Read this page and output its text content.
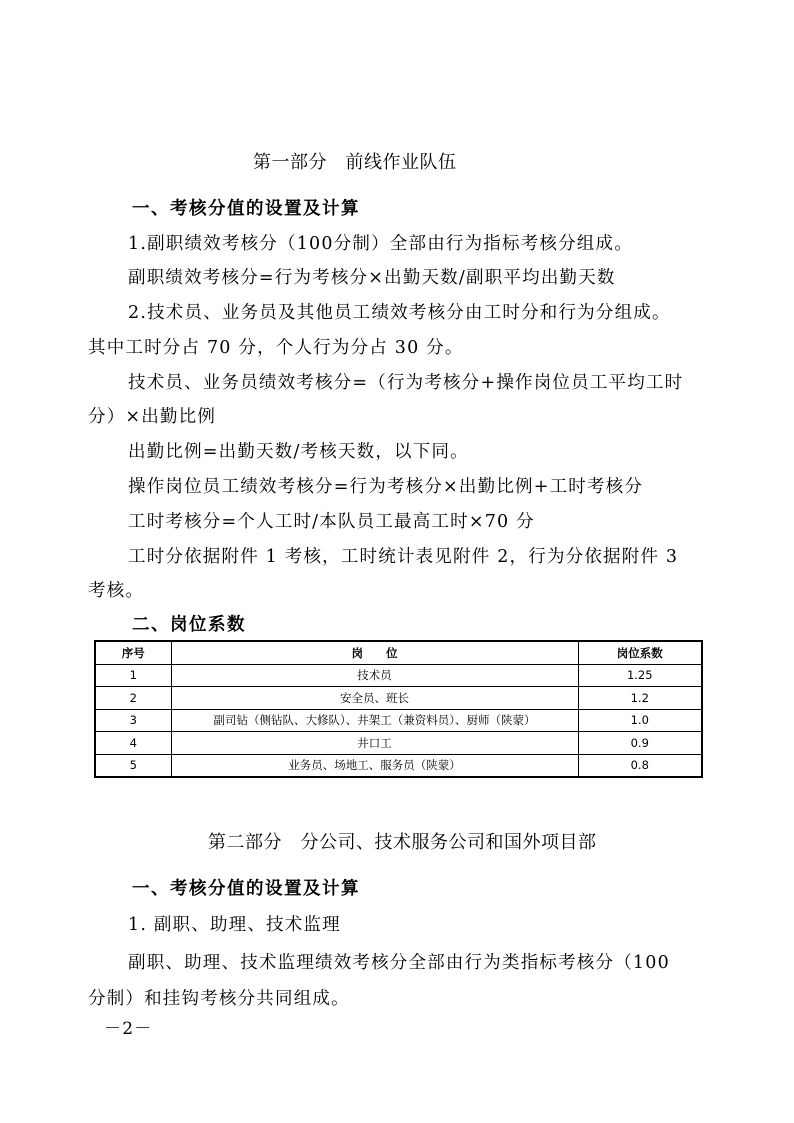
第一部分　前线作业队伍
一、考核分值的设置及计算
1.副职绩效考核分（100分制）全部由行为指标考核分组成。
副职绩效考核分=行为考核分×出勤天数/副职平均出勤天数
2.技术员、业务员及其他员工绩效考核分由工时分和行为分组成。
其中工时分占 70 分，个人行为分占 30 分。
技术员、业务员绩效考核分=（行为考核分+操作岗位员工平均工时
分）×出勤比例
出勤比例=出勤天数/考核天数，以下同。
操作岗位员工绩效考核分=行为考核分×出勤比例+工时考核分
工时考核分=个人工时/本队员工最高工时×70 分
工时分依据附件 1 考核，工时统计表见附件 2，行为分依据附件 3
考核。
二、岗位系数
序号	岗　　位	岗位系数
1	技术员	1.25
2	安全员、班长	1.2
3	副司钻（侧钻队、大修队）、井架工（兼资料员）、厨师（陕蒙）	1.0
4	井口工	0.9
5	业务员、场地工、服务员（陕蒙）	0.8
第二部分　分公司、技术服务公司和国外项目部
一、考核分值的设置及计算
1. 副职、助理、技术监理
副职、助理、技术监理绩效考核分全部由行为类指标考核分（100
分制）和挂钩考核分共同组成。
－2－
